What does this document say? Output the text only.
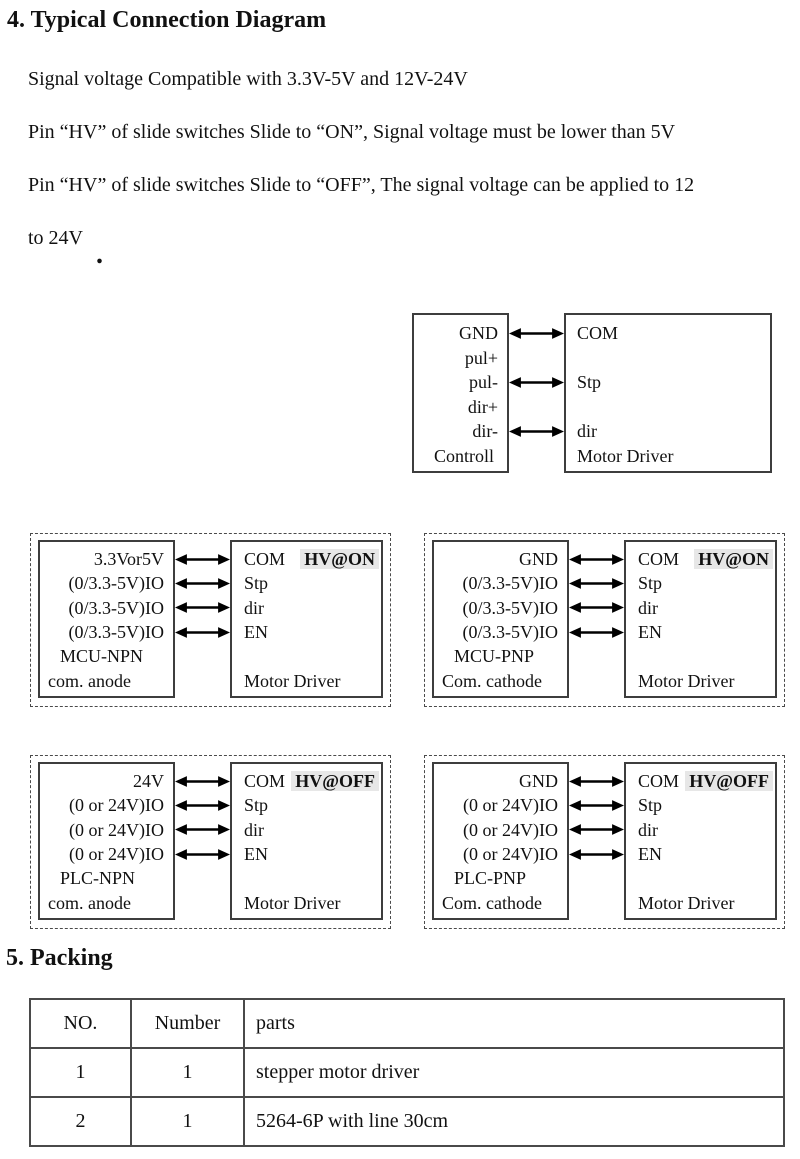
4. Typical Connection Diagram

Signal voltage Compatible with 3.3V-5V and 12V-24V

Pin “HV” of slide switches Slide to “ON”, Signal voltage must be lower than 5V

Pin “HV” of slide switches Slide to “OFF”, The signal voltage can be applied to 12

to 24V

.
GND
pul+
pul-
dir+
dir-
Controll
COM
Stp
dir
Motor Driver
3.3Vor5V
(0/3.3-5V)IO
(0/3.3-5V)IO
(0/3.3-5V)IO
MCU-NPN
com. anode
COM HV@ON
Stp
dir
EN
Motor Driver
GND
(0/3.3-5V)IO
(0/3.3-5V)IO
(0/3.3-5V)IO
MCU-PNP
Com. cathode
COM HV@ON
Stp
dir
EN
Motor Driver
24V
(0 or 24V)IO
(0 or 24V)IO
(0 or 24V)IO
PLC-NPN
com. anode
COM HV@OFF
Stp
dir
EN
Motor Driver
GND
(0 or 24V)IO
(0 or 24V)IO
(0 or 24V)IO
PLC-PNP
Com. cathode
COM HV@OFF
Stp
dir
EN
Motor Driver
5. Packing
NO.	Number	parts
1	1	stepper motor driver
2	1	5264-6P with line 30cm
